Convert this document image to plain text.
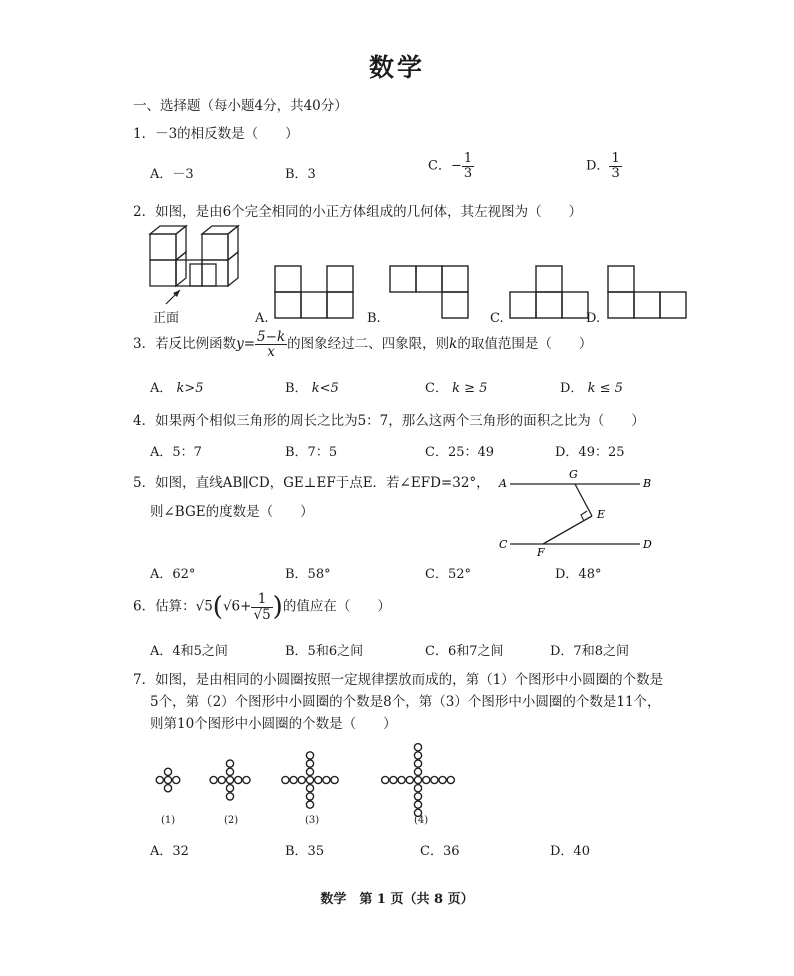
数学
一、选择题（每小题4分，共40分）
1．－3的相反数是（　　）
A．－3	B．3
C．− $\frac{1}{3}$	D． $\frac{1}{3}$
2．如图，是由6个完全相同的小正方体组成的几何体，其左视图为（　　）
正面	A.	B.	C.	D.
3．若反比例函数$y= \frac{5-k}{x}$ 的图象经过二、四象限，则k的取值范围是（　　）
A． k>5	B． k<5	C． k ≥ 5	D． k ≤ 5
4．如果两个相似三角形的周长之比为5：7，那么这两个三角形的面积之比为（　　）
A．5：7	B．7：5	C．25：49	D．49：25
5．如图，直线AB∥CD，GE⊥EF于点E．若∠EFD=32°，
则∠BGE的度数是（　　）
A
G
B
E
C
F
D
A．62°	B．58°	C．52°	D．48°
6．估算：$√5(√6+ \frac{1}{√5}$ )的值应在（　　）
A．4和5之间	B．5和6之间	C．6和7之间	D．7和8之间
7．如图，是由相同的小圆圈按照一定规律摆放而成的，第（1）个图形中小圆圈的个数是
5个，第（2）个图形中小圆圈的个数是8个，第（3）个图形中小圆圈的个数是11个，
则第10个图形中小圆圈的个数是（　　）
(1)	(2)	(3)	(4)
A．32	B．35	C．36	D．40
数学　第 1 页（共 8 页）
